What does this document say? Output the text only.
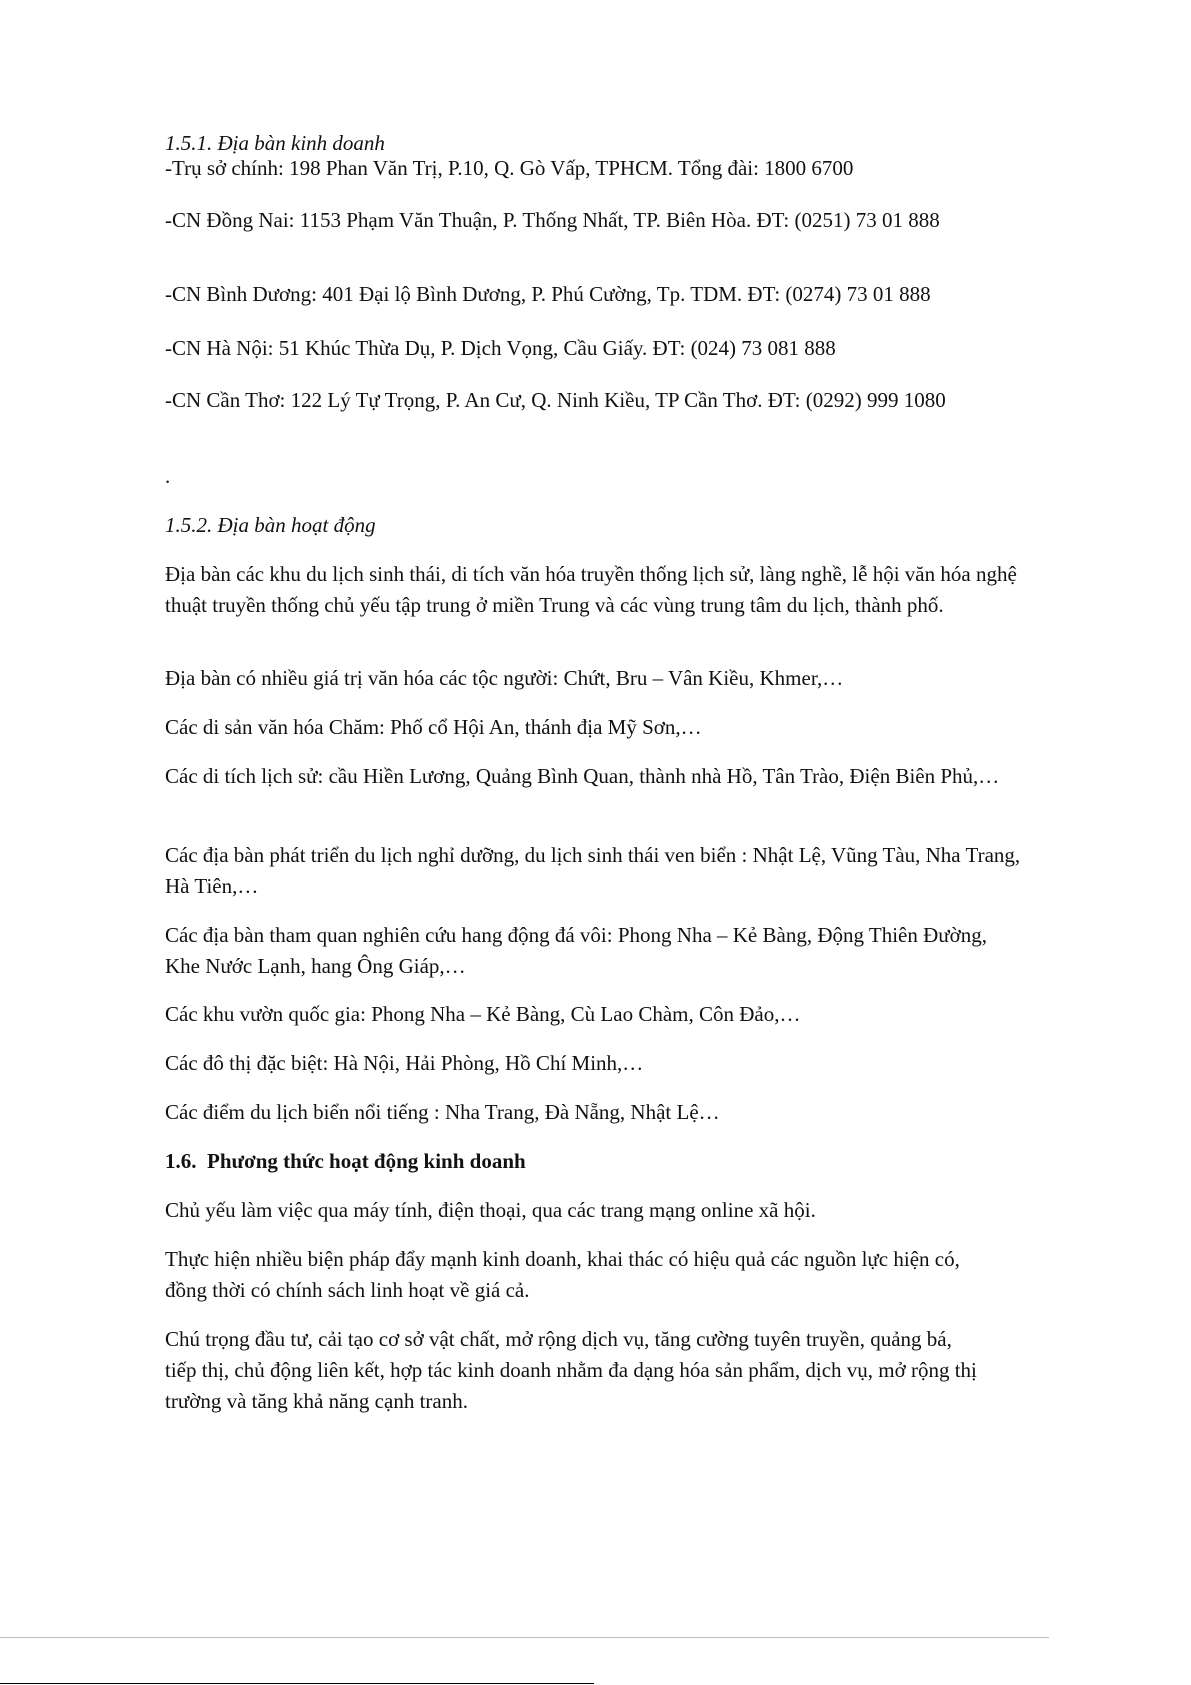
1.5.1. Địa bàn kinh doanh

-Trụ sở chính: 198 Phan Văn Trị, P.10, Q. Gò Vấp, TPHCM. Tổng đài: 1800 6700

-CN Đồng Nai: 1153 Phạm Văn Thuận, P. Thống Nhất, TP. Biên Hòa. ĐT: (0251) 73 01 888

-CN Bình Dương: 401 Đại lộ Bình Dương, P. Phú Cường, Tp. TDM. ĐT: (0274) 73 01 888

-CN Hà Nội: 51 Khúc Thừa Dụ, P. Dịch Vọng, Cầu Giấy. ĐT: (024) 73 081 888

-CN Cần Thơ: 122 Lý Tự Trọng, P. An Cư, Q. Ninh Kiều, TP Cần Thơ. ĐT: (0292) 999 1080

.

1.5.2. Địa bàn hoạt động

Địa bàn các khu du lịch sinh thái, di tích văn hóa truyền thống lịch sử, làng nghề, lễ hội văn hóa nghệ thuật truyền thống chủ yếu tập trung ở miền Trung và các vùng trung tâm du lịch, thành phố.

Địa bàn có nhiều giá trị văn hóa các tộc người: Chứt, Bru – Vân Kiều, Khmer,…

Các di sản văn hóa Chăm: Phố cổ Hội An, thánh địa Mỹ Sơn,…

Các di tích lịch sử: cầu Hiền Lương, Quảng Bình Quan, thành nhà Hồ, Tân Trào, Điện Biên Phủ,…

Các địa bàn phát triển du lịch nghỉ dưỡng, du lịch sinh thái ven biển : Nhật Lệ, Vũng Tàu, Nha Trang, Hà Tiên,…

Các địa bàn tham quan nghiên cứu hang động đá vôi: Phong Nha – Kẻ Bàng, Động Thiên Đường, Khe Nước Lạnh, hang Ông Giáp,…

Các khu vườn quốc gia: Phong Nha – Kẻ Bàng, Cù Lao Chàm, Côn Đảo,…

Các đô thị đặc biệt: Hà Nội, Hải Phòng, Hồ Chí Minh,…

Các điểm du lịch biển nổi tiếng : Nha Trang, Đà Nẵng, Nhật Lệ…

1.6.  Phương thức hoạt động kinh doanh

Chủ yếu làm việc qua máy tính, điện thoại, qua các trang mạng online xã hội.

Thực hiện nhiều biện pháp đẩy mạnh kinh doanh, khai thác có hiệu quả các nguồn lực hiện có, đồng thời có chính sách linh hoạt về giá cả.

Chú trọng đầu tư, cải tạo cơ sở vật chất, mở rộng dịch vụ, tăng cường tuyên truyền, quảng bá, tiếp thị, chủ động liên kết, hợp tác kinh doanh nhằm đa dạng hóa sản phẩm, dịch vụ, mở rộng thị trường và tăng khả năng cạnh tranh.
